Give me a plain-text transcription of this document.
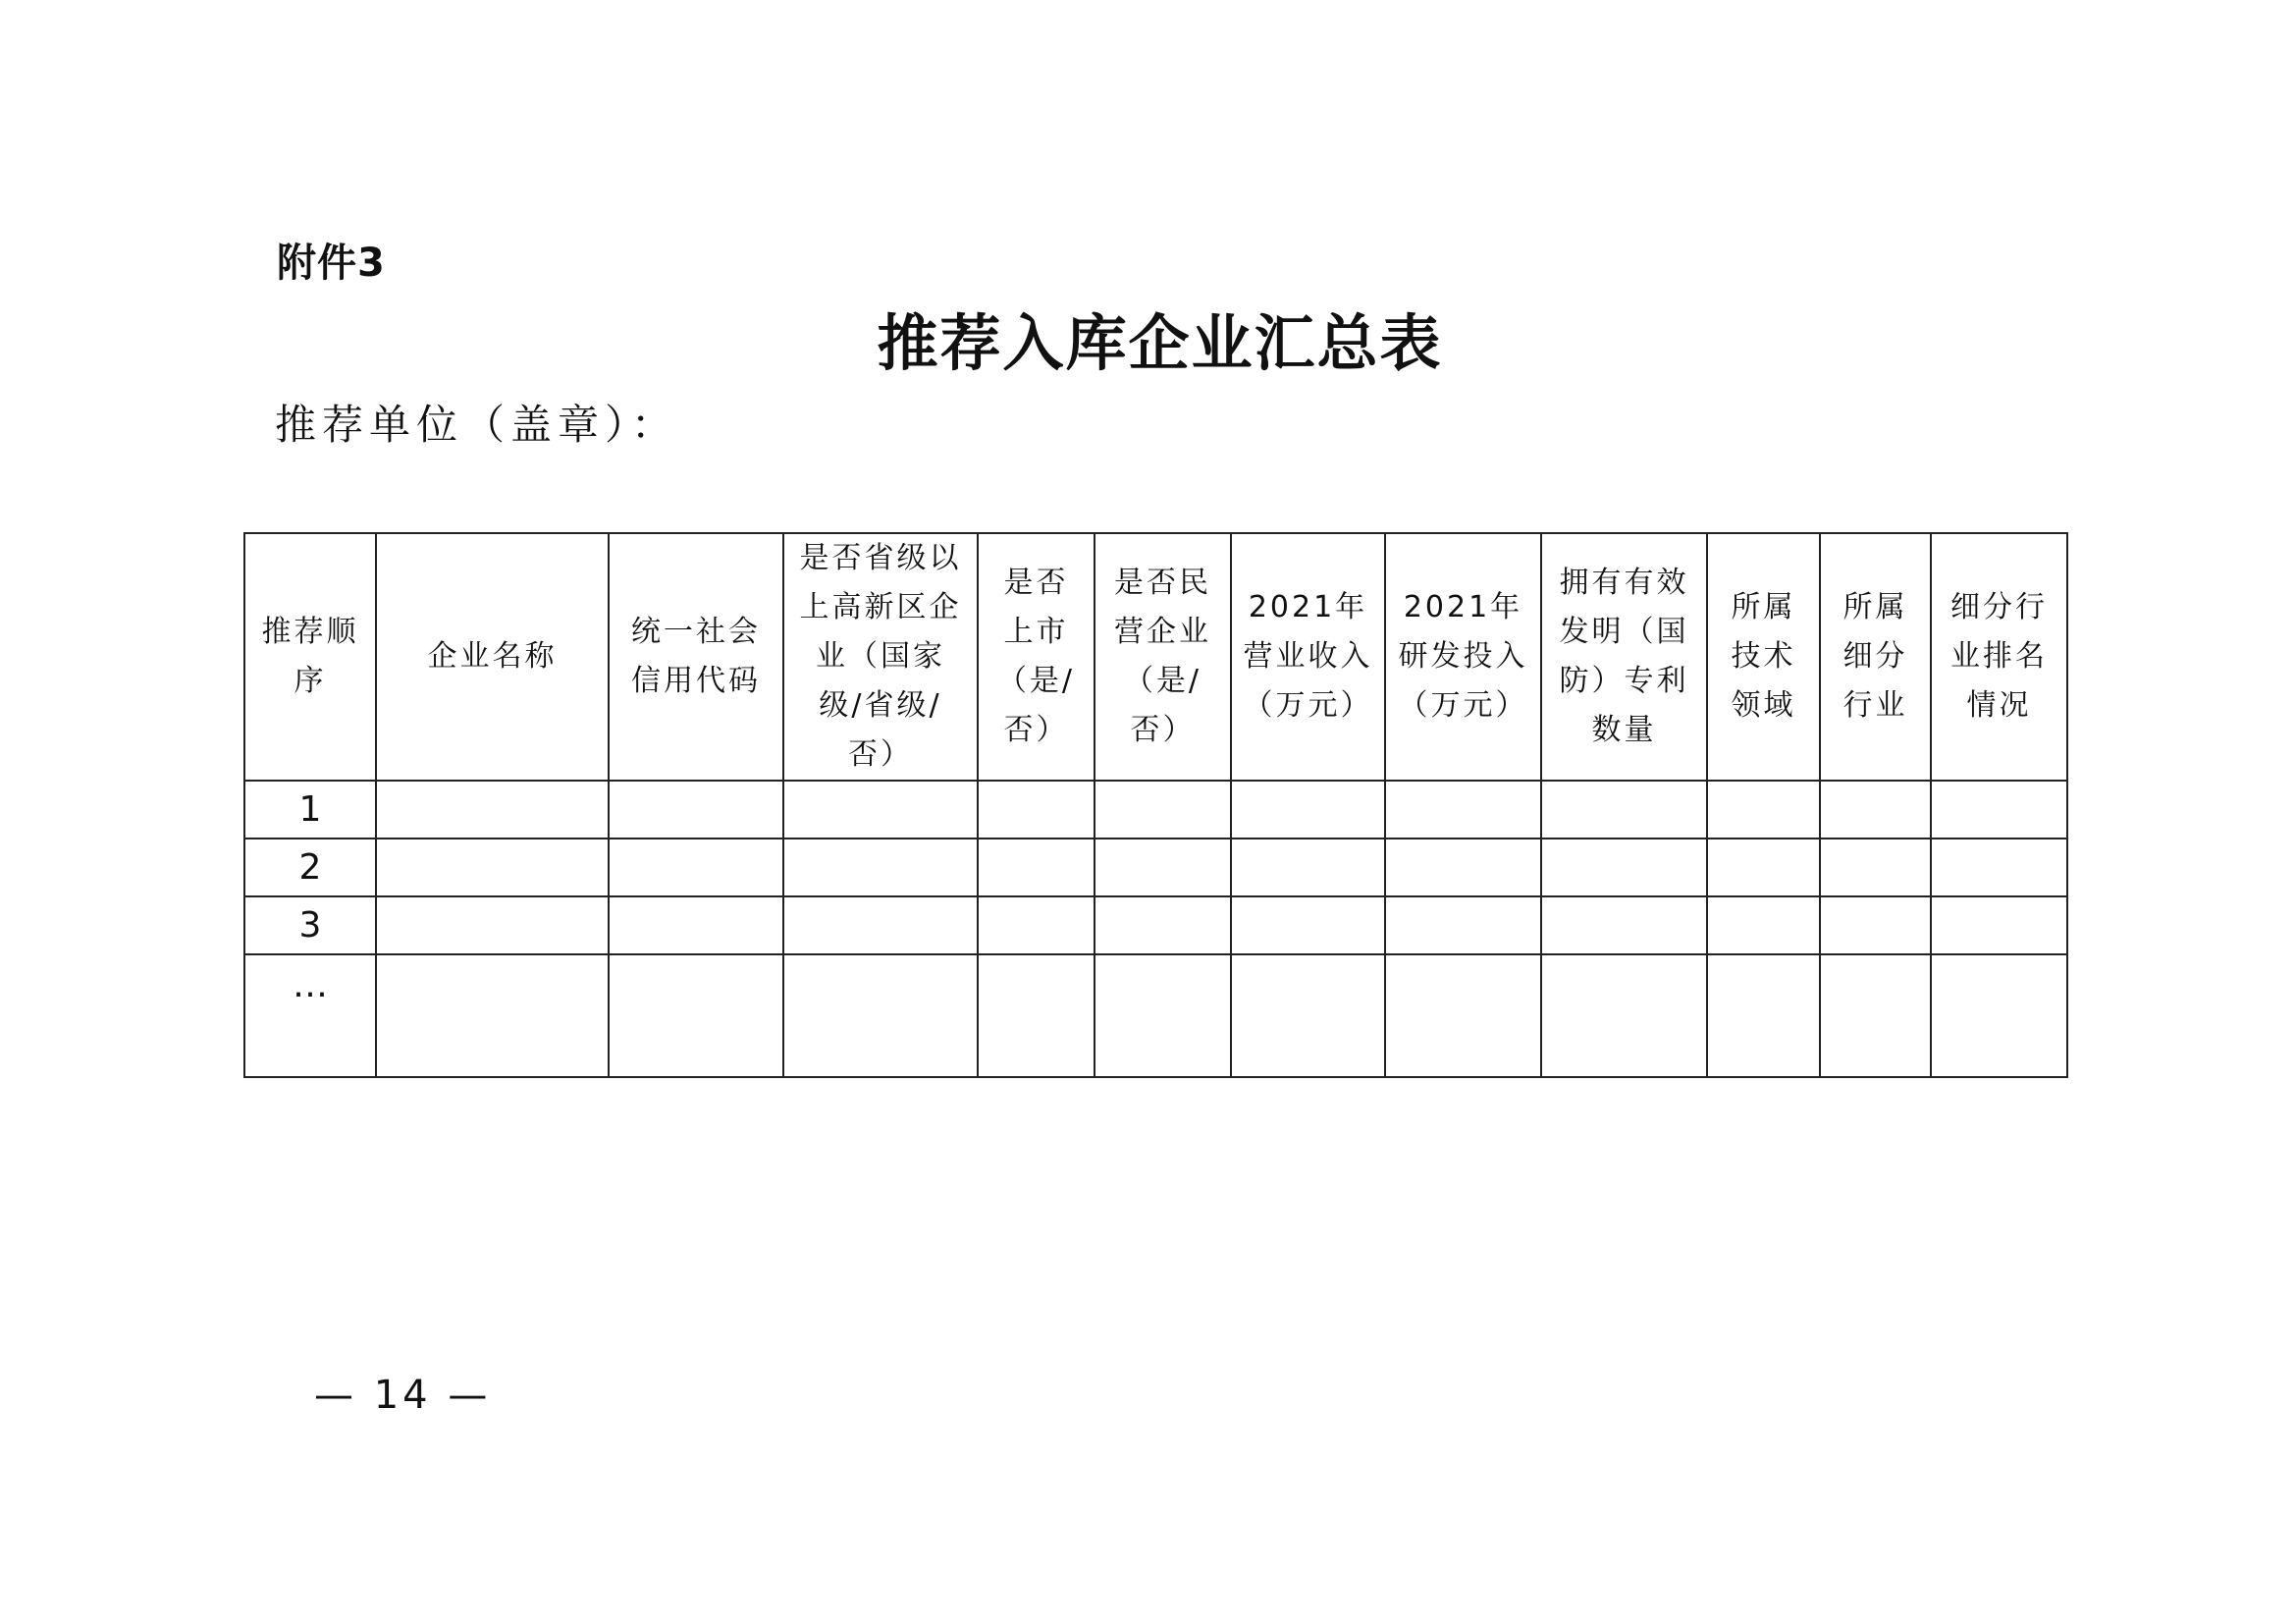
附件3
推荐入库企业汇总表
推荐单位（盖章）：
推荐顺序	企业名称	统一社会信用代码	是否省级以上高新区企业（国家级/省级/否）	是否上市（是/否）	是否民营企业（是/否）	2021年营业收入（万元）	2021年研发投入（万元）	拥有有效发明（国防）专利数量	所属技术领域	所属细分行业	细分行业排名情况
1											
2											
3											
…											
— 14 —
